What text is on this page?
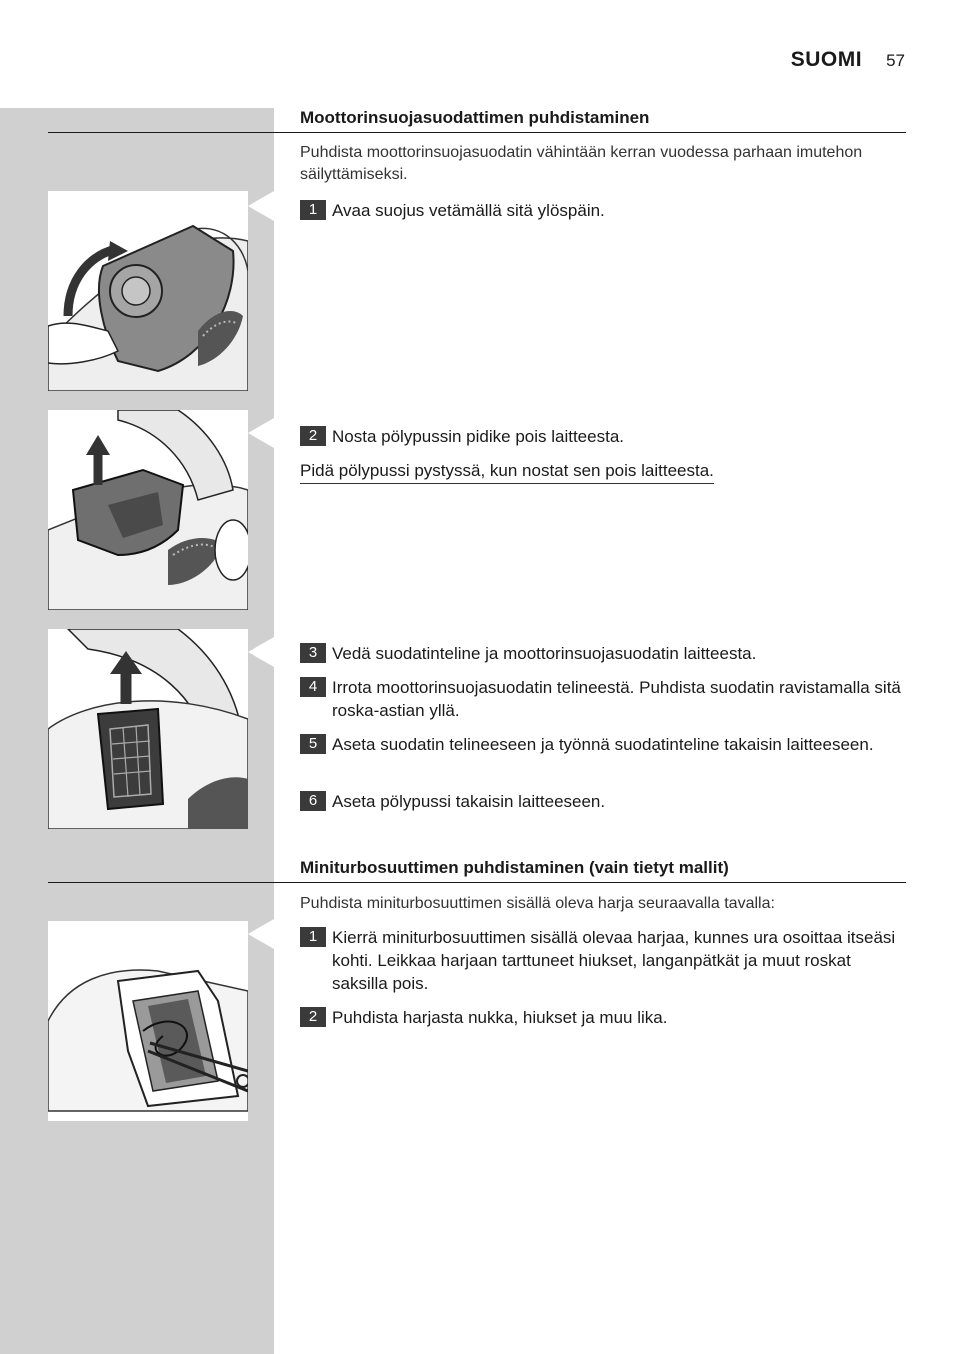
SUOMI 57
Moottorinsuojasuodattimen puhdistaminen
Puhdista moottorinsuojasuodatin vähintään kerran vuodessa parhaan imutehon säilyttämiseksi.
1 Avaa suojus vetämällä sitä ylöspäin.
2 Nosta pölypussin pidike pois laitteesta.
Pidä pölypussi pystyssä, kun nostat sen pois laitteesta.
3 Vedä suodatinteline ja moottorinsuojasuodatin laitteesta.
4 Irrota moottorinsuojasuodatin telineestä. Puhdista suodatin ravistamalla sitä roska-astian yllä.
5 Aseta suodatin telineeseen ja työnnä suodatinteline takaisin laitteeseen.
6 Aseta pölypussi takaisin laitteeseen.
Miniturbosuuttimen puhdistaminen (vain tietyt mallit)
Puhdista miniturbosuuttimen sisällä oleva harja seuraavalla tavalla:
1 Kierrä miniturbosuuttimen sisällä olevaa harjaa, kunnes ura osoittaa itseäsi kohti. Leikkaa harjaan tarttuneet hiukset, langanpätkät ja muut roskat saksilla pois.
2 Puhdista harjasta nukka, hiukset ja muu lika.
